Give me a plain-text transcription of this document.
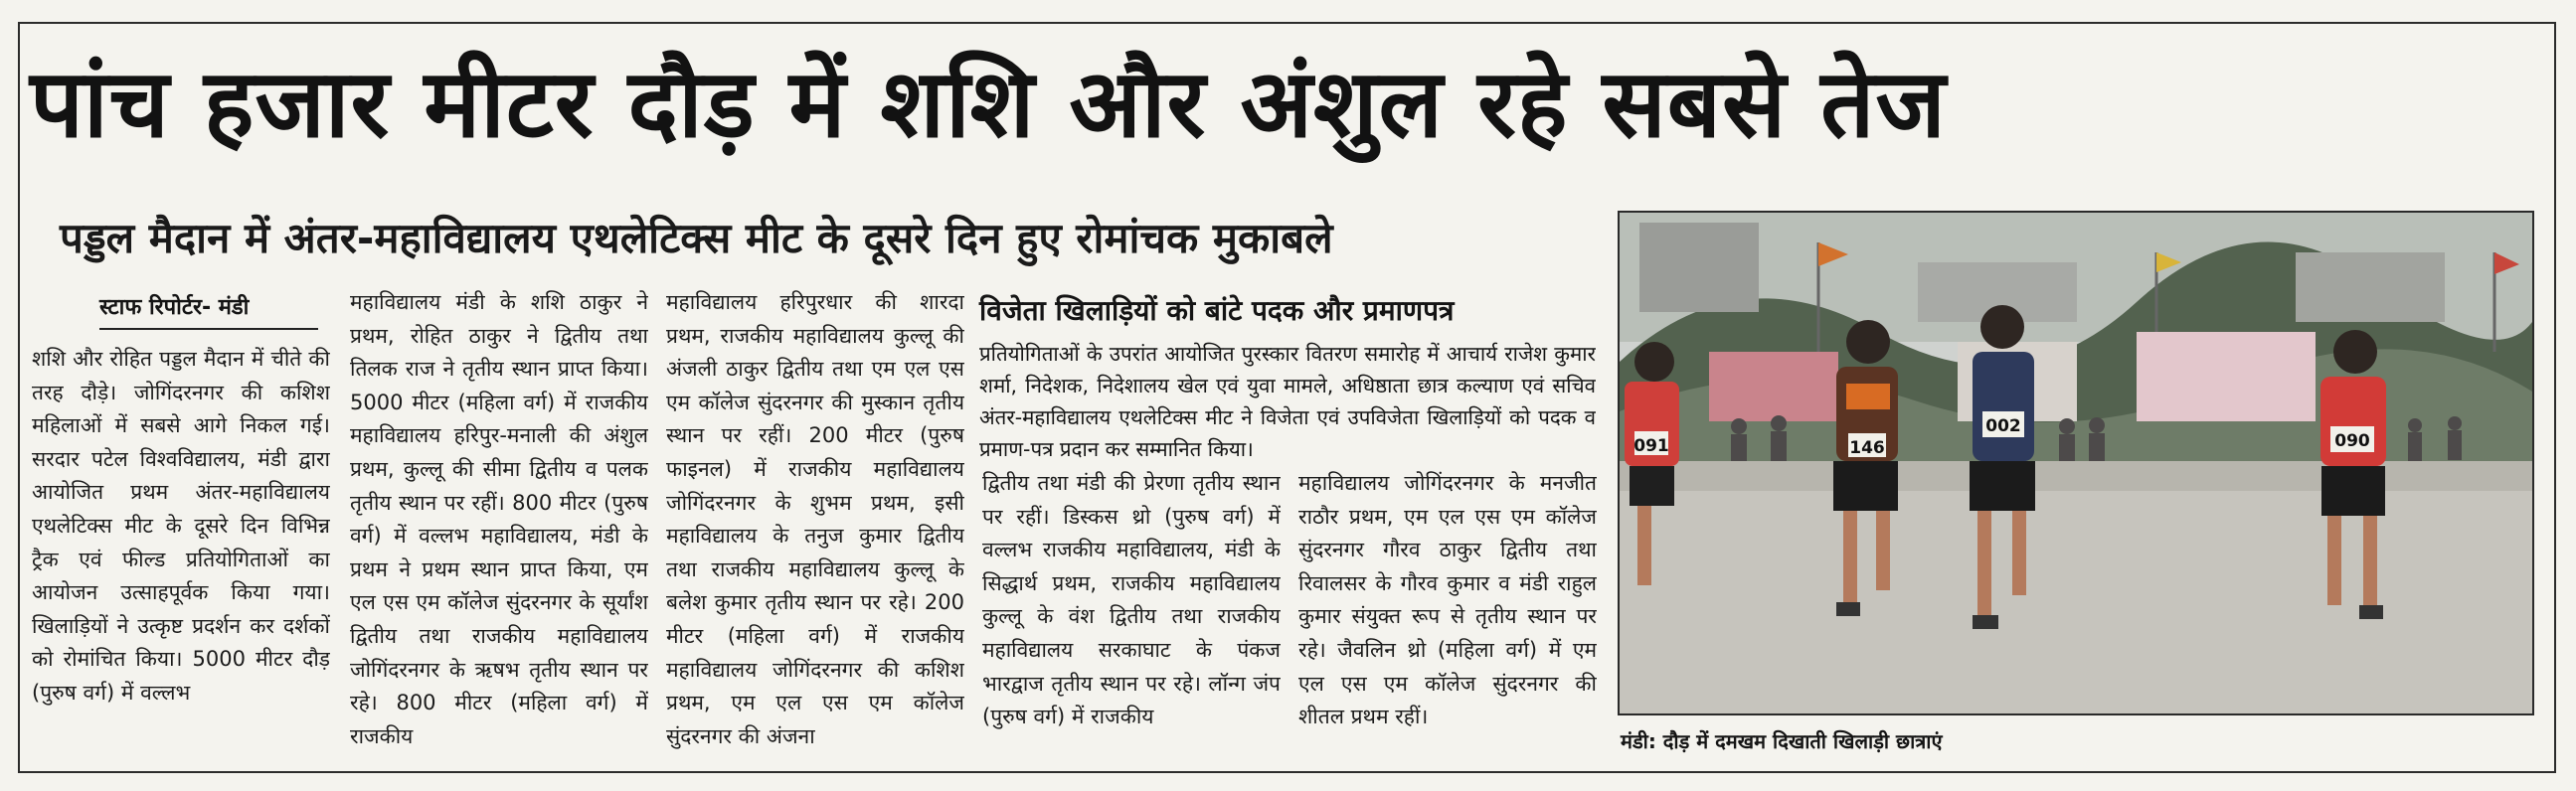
पांच हजार मीटर दौड़ में शशि और अंशुल रहे सबसे तेज
पड्डल मैदान में अंतर-महाविद्यालय एथलेटिक्स मीट के दूसरे दिन हुए रोमांचक मुकाबले
स्टाफ रिपोर्टर- मंडी
शशि और रोहित पड्डल मैदान में चीते की तरह दौड़े। जोगिंदरनगर की कशिश महिलाओं में सबसे आगे निकल गई। सरदार पटेल विश्वविद्यालय, मंडी द्वारा आयोजित प्रथम अंतर-महाविद्यालय एथलेटिक्स मीट के दूसरे दिन विभिन्न ट्रैक एवं फील्ड प्रतियोगिताओं का आयोजन उत्साहपूर्वक किया गया। खिलाड़ियों ने उत्कृष्ट प्रदर्शन कर दर्शकों को रोमांचित किया। 5000 मीटर दौड़ (पुरुष वर्ग) में वल्लभ
महाविद्यालय मंडी के शशि ठाकुर ने प्रथम, रोहित ठाकुर ने द्वितीय तथा तिलक राज ने तृतीय स्थान प्राप्त किया। 5000 मीटर (महिला वर्ग) में राजकीय महाविद्यालय हरिपुर-मनाली की अंशुल प्रथम, कुल्लू की सीमा द्वितीय व पलक तृतीय स्थान पर रहीं। 800 मीटर (पुरुष वर्ग) में वल्लभ महाविद्यालय, मंडी के प्रथम ने प्रथम स्थान प्राप्त किया, एम एल एस एम कॉलेज सुंदरनगर के सूर्यांश द्वितीय तथा राजकीय महाविद्यालय जोगिंदरनगर के ऋषभ तृतीय स्थान पर रहे। 800 मीटर (महिला वर्ग) में राजकीय
महाविद्यालय हरिपुरधार की शारदा प्रथम, राजकीय महाविद्यालय कुल्लू की अंजली ठाकुर द्वितीय तथा एम एल एस एम कॉलेज सुंदरनगर की मुस्कान तृतीय स्थान पर रहीं। 200 मीटर (पुरुष फाइनल) में राजकीय महाविद्यालय जोगिंदरनगर के शुभम प्रथम, इसी महाविद्यालय के तनुज कुमार द्वितीय तथा राजकीय महाविद्यालय कुल्लू के बलेश कुमार तृतीय स्थान पर रहे। 200 मीटर (महिला वर्ग) में राजकीय महाविद्यालय जोगिंदरनगर की कशिश प्रथम, एम एल एस एम कॉलेज सुंदरनगर की अंजना
विजेता खिलाड़ियों को बांटे पदक और प्रमाणपत्र
प्रतियोगिताओं के उपरांत आयोजित पुरस्कार वितरण समारोह में आचार्य राजेश कुमार शर्मा, निदेशक, निदेशालय खेल एवं युवा मामले, अधिष्ठाता छात्र कल्याण एवं सचिव अंतर-महाविद्यालय एथलेटिक्स मीट ने विजेता एवं उपविजेता खिलाड़ियों को पदक व प्रमाण-पत्र प्रदान कर सम्मानित किया।
द्वितीय तथा मंडी की प्रेरणा तृतीय स्थान पर रहीं। डिस्कस थ्रो (पुरुष वर्ग) में वल्लभ राजकीय महाविद्यालय, मंडी के सिद्धार्थ प्रथम, राजकीय महाविद्यालय कुल्लू के वंश द्वितीय तथा राजकीय महाविद्यालय सरकाघाट के पंकज भारद्वाज तृतीय स्थान पर रहे। लॉन्ग जंप (पुरुष वर्ग) में राजकीय
महाविद्यालय जोगिंदरनगर के मनजीत राठौर प्रथम, एम एल एस एम कॉलेज सुंदरनगर गौरव ठाकुर द्वितीय तथा रिवालसर के गौरव कुमार व मंडी राहुल कुमार संयुक्त रूप से तृतीय स्थान पर रहे। जैवलिन थ्रो (महिला वर्ग) में एम एल एस एम कॉलेज सुंदरनगर की शीतल प्रथम रहीं।
091	146
002
090
मंडी: दौड़ में दमखम दिखाती खिलाड़ी छात्राएं
